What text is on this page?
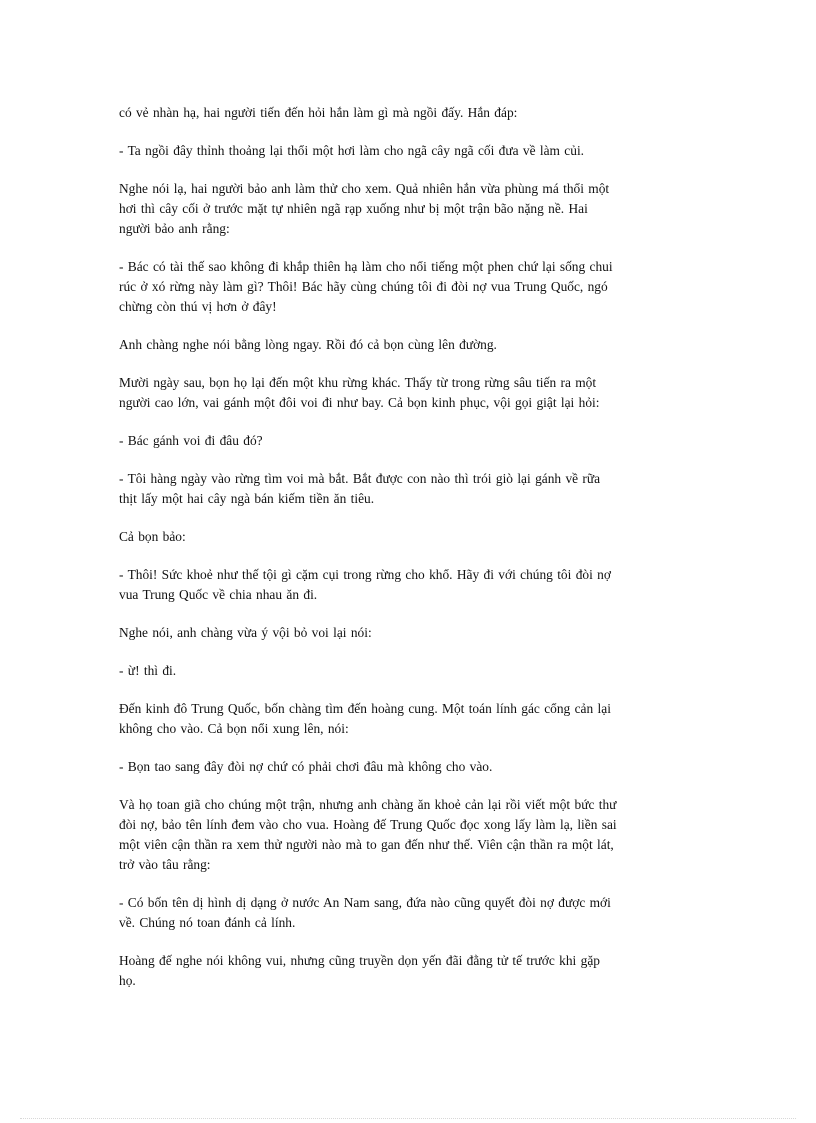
có vẻ nhàn hạ, hai người tiến đến hỏi hắn làm gì mà ngồi đấy. Hắn đáp:

- Ta ngồi đây thỉnh thoảng lại thổi một hơi làm cho ngã cây ngã cối đưa về làm củi.

Nghe nói lạ, hai người bảo anh làm thử cho xem. Quả nhiên hắn vừa phùng má thổi một
hơi thì cây cối ở trước mặt tự nhiên ngã rạp xuống như bị một trận bão nặng nề. Hai
người bảo anh rằng:

- Bác có tài thế sao không đi khắp thiên hạ làm cho nổi tiếng một phen chứ lại sống chui
rúc ở xó rừng này làm gì? Thôi! Bác hãy cùng chúng tôi đi đòi nợ vua Trung Quốc, ngó
chừng còn thú vị hơn ở đây!

Anh chàng nghe nói bằng lòng ngay. Rồi đó cả bọn cùng lên đường.

Mười ngày sau, bọn họ lại đến một khu rừng khác. Thấy từ trong rừng sâu tiến ra một
người cao lớn, vai gánh một đôi voi đi như bay. Cả bọn kinh phục, vội gọi giật lại hỏi:

- Bác gánh voi đi đâu đó?

- Tôi hàng ngày vào rừng tìm voi mà bắt. Bắt được con nào thì trói giò lại gánh về rữa
thịt lấy một hai cây ngà bán kiếm tiền ăn tiêu.

Cả bọn bảo:

- Thôi! Sức khoẻ như thế tội gì cặm cụi trong rừng cho khổ. Hãy đi với chúng tôi đòi nợ
vua Trung Quốc về chia nhau ăn đi.

Nghe nói, anh chàng vừa ý vội bỏ voi lại nói:

- ừ! thì đi.

Đến kinh đô Trung Quốc, bốn chàng tìm đến hoàng cung. Một toán lính gác cổng cản lại
không cho vào. Cả bọn nổi xung lên, nói:

- Bọn tao sang đây đòi nợ chứ có phải chơi đâu mà không cho vào.

Và họ toan giã cho chúng một trận, nhưng anh chàng ăn khoẻ cản lại rồi viết một bức thư
đòi nợ, bảo tên lính đem vào cho vua. Hoàng đế Trung Quốc đọc xong lấy làm lạ, liền sai
một viên cận thần ra xem thử người nào mà to gan đến như thế. Viên cận thần ra một lát,
trở vào tâu rằng:

- Có bốn tên dị hình dị dạng ở nước An Nam sang, đứa nào cũng quyết đòi nợ được mới
về. Chúng nó toan đánh cả lính.

Hoàng đế nghe nói không vui, nhưng cũng truyền dọn yến đãi đằng tử tế trước khi gặp
họ.
